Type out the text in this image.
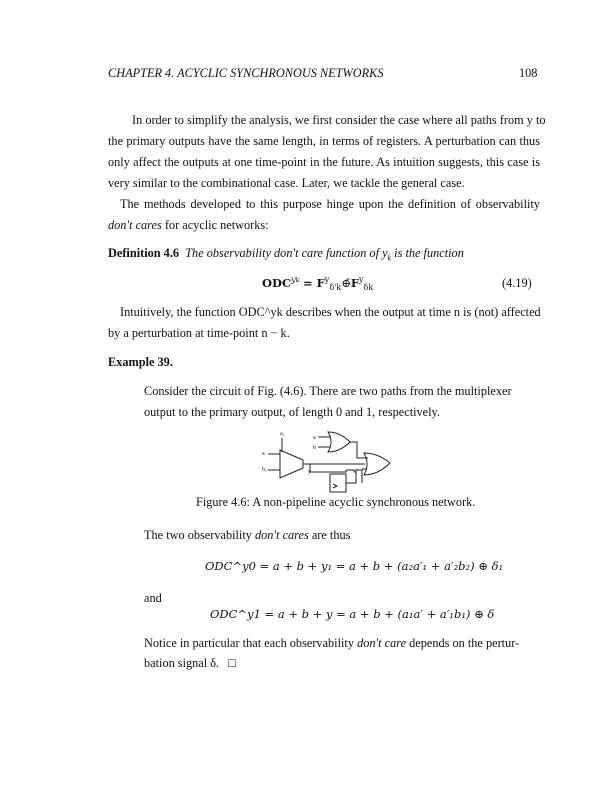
CHAPTER 4. ACYCLIC SYNCHRONOUS NETWORKS	108
In order to simplify the analysis, we first consider the case where all paths from y to
the primary outputs have the same length, in terms of registers. A perturbation can thus
only affect the outputs at one time-point in the future. As intuition suggests, this case is
very similar to the combinational case. Later, we tackle the general case.
The methods developed to this purpose hinge upon the definition of observability
don't cares for acyclic networks:
Definition 4.6 The observability don't care function of $y_k$ is the function
$ODC^{yk}$ = $F^y_{\delta'k}\oplus̄F^y_{\delta k}$	(4.19)
Intuitively, the function ODC^yk describes when the output at time n is (not) affected
by a perturbation at time-point n − k.
Example 39.
Consider the circuit of Fig. (4.6). There are two paths from the multiplexer
output to the primary output, of length 0 and 1, respectively.
a
a₁
b₁	y
a
b
Figure 4.6: A non-pipeline acyclic synchronous network.
The two observability don't cares are thus
ODC^y0 = a + b + y₁ = a + b + (a₂a′₁ + a′₂b₂) ⊕ δ₁
and
ODC^y1 = a + b + y = a + b + (a₁a′ + a′₁b₁) ⊕ δ
Notice in particular that each observability don't care depends on the pertur-
bation signal δ. □
